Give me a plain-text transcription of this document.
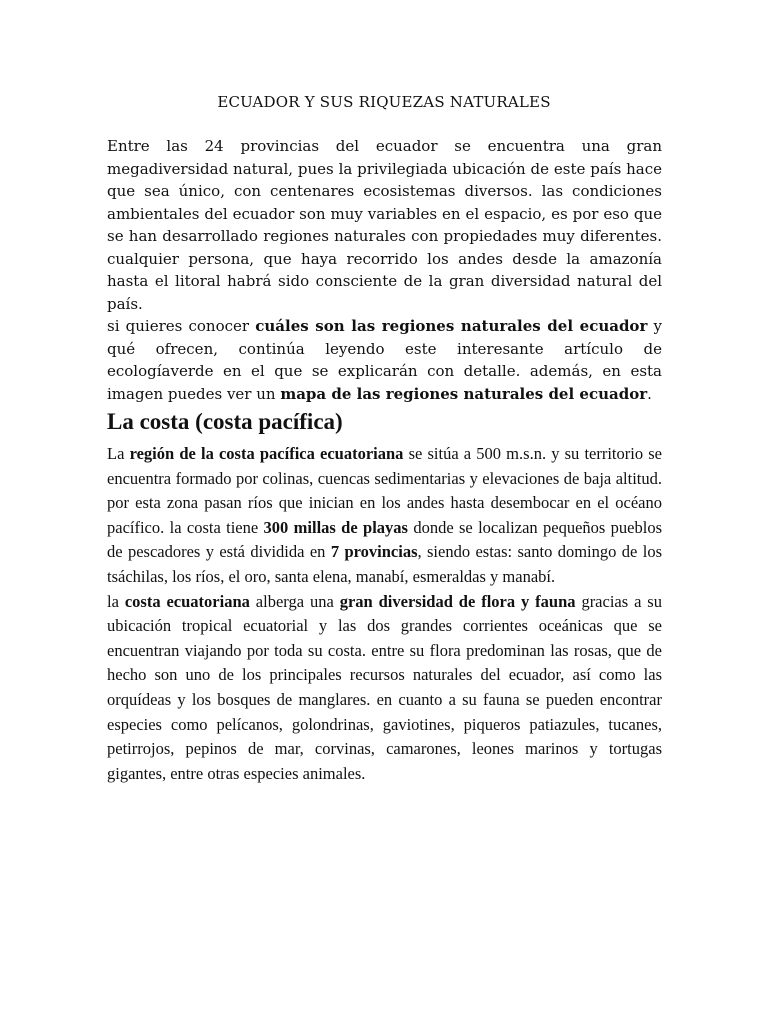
ECUADOR Y SUS RIQUEZAS NATURALES

Entre las 24 provincias del ecuador se encuentra una gran megadiversidad natural, pues la privilegiada ubicación de este país hace que sea único, con centenares ecosistemas diversos. las condiciones ambientales del ecuador son muy variables en el espacio, es por eso que se han desarrollado regiones naturales con propiedades muy diferentes. cualquier persona, que haya recorrido los andes desde la amazonía hasta el litoral habrá sido consciente de la gran diversidad natural del país.

si quieres conocer cuáles son las regiones naturales del ecuador y qué ofrecen, continúa leyendo este interesante artículo de ecologíaverde en el que se explicarán con detalle. además, en esta imagen puedes ver un mapa de las regiones naturales del ecuador.

La costa (costa pacífica)

La región de la costa pacífica ecuatoriana se sitúa a 500 m.s.n. y su territorio se encuentra formado por colinas, cuencas sedimentarias y elevaciones de baja altitud. por esta zona pasan ríos que inician en los andes hasta desembocar en el océano pacífico. la costa tiene 300 millas de playas donde se localizan pequeños pueblos de pescadores y está dividida en 7 provincias, siendo estas: santo domingo de los tsáchilas, los ríos, el oro, santa elena, manabí, esmeraldas y manabí.

la costa ecuatoriana alberga una gran diversidad de flora y fauna gracias a su ubicación tropical ecuatorial y las dos grandes corrientes oceánicas que se encuentran viajando por toda su costa. entre su flora predominan las rosas, que de hecho son uno de los principales recursos naturales del ecuador, así como las orquídeas y los bosques de manglares. en cuanto a su fauna se pueden encontrar especies como pelícanos, golondrinas, gaviotines, piqueros patiazules, tucanes, petirrojos, pepinos de mar, corvinas, camarones, leones marinos y tortugas gigantes, entre otras especies animales.
